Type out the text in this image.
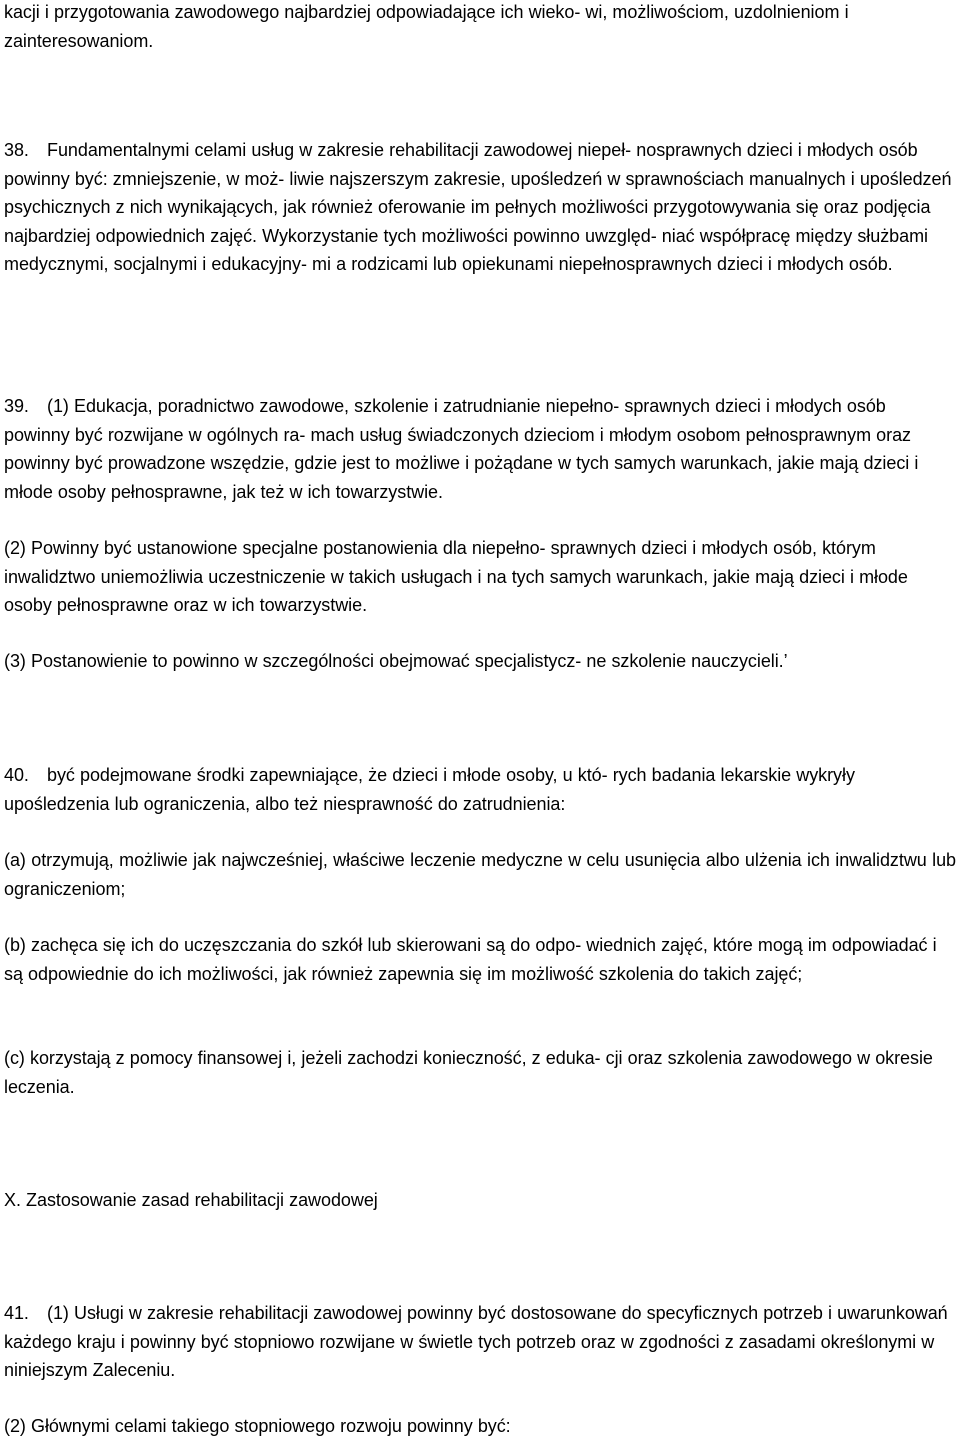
kacji i przygotowania zawodowego najbardziej odpowiadające ich wieko- wi, możliwościom, uzdolnieniom i zainteresowaniom.

38. Fundamentalnymi celami usług w zakresie rehabilitacji zawodowej niepeł- nosprawnych dzieci i młodych osób powinny być: zmniejszenie, w moż- liwie najszerszym zakresie, upośledzeń w sprawnościach manualnych i upośledzeń psychicznych z nich wynikających, jak również oferowanie im pełnych możliwości przygotowywania się oraz podjęcia najbardziej odpowiednich zajęć. Wykorzystanie tych możliwości powinno uwzględ- niać współpracę między służbami medycznymi, socjalnymi i edukacyjny- mi a rodzicami lub opiekunami niepełnosprawnych dzieci i młodych osób.

39. (1) Edukacja, poradnictwo zawodowe, szkolenie i zatrudnianie niepełno- sprawnych dzieci i młodych osób powinny być rozwijane w ogólnych ra- mach usług świadczonych dzieciom i młodym osobom pełnosprawnym oraz powinny być prowadzone wszędzie, gdzie jest to możliwe i pożądane w tych samych warunkach, jakie mają dzieci i młode osoby pełnosprawne, jak też w ich towarzystwie.

(2) Powinny być ustanowione specjalne postanowienia dla niepełno- sprawnych dzieci i młodych osób, którym inwalidztwo uniemożliwia uczestniczenie w takich usługach i na tych samych warunkach, jakie mają dzieci i młode osoby pełnosprawne oraz w ich towarzystwie.

(3) Postanowienie to powinno w szczególności obejmować specjalistycz- ne szkolenie nauczycieli.’

40. być podejmowane środki zapewniające, że dzieci i młode osoby, u któ- rych badania lekarskie wykryły upośledzenia lub ograniczenia, albo też niesprawność do zatrudnienia:

(a) otrzymują, możliwie jak najwcześniej, właściwe leczenie medyczne w celu usunięcia albo ulżenia ich inwalidztwu lub ograniczeniom;

(b) zachęca się ich do uczęszczania do szkół lub skierowani są do odpo- wiednich zajęć, które mogą im odpowiadać i są odpowiednie do ich możliwości, jak również zapewnia się im możliwość szkolenia do takich zajęć;

(c) korzystają z pomocy finansowej i, jeżeli zachodzi konieczność, z eduka- cji oraz szkolenia zawodowego w okresie leczenia.

X. Zastosowanie zasad rehabilitacji zawodowej

41. (1) Usługi w zakresie rehabilitacji zawodowej powinny być dostosowane do specyficznych potrzeb i uwarunkowań każdego kraju i powinny być stopniowo rozwijane w świetle tych potrzeb oraz w zgodności z zasadami określonymi w niniejszym Zaleceniu.

(2) Głównymi celami takiego stopniowego rozwoju powinny być:
